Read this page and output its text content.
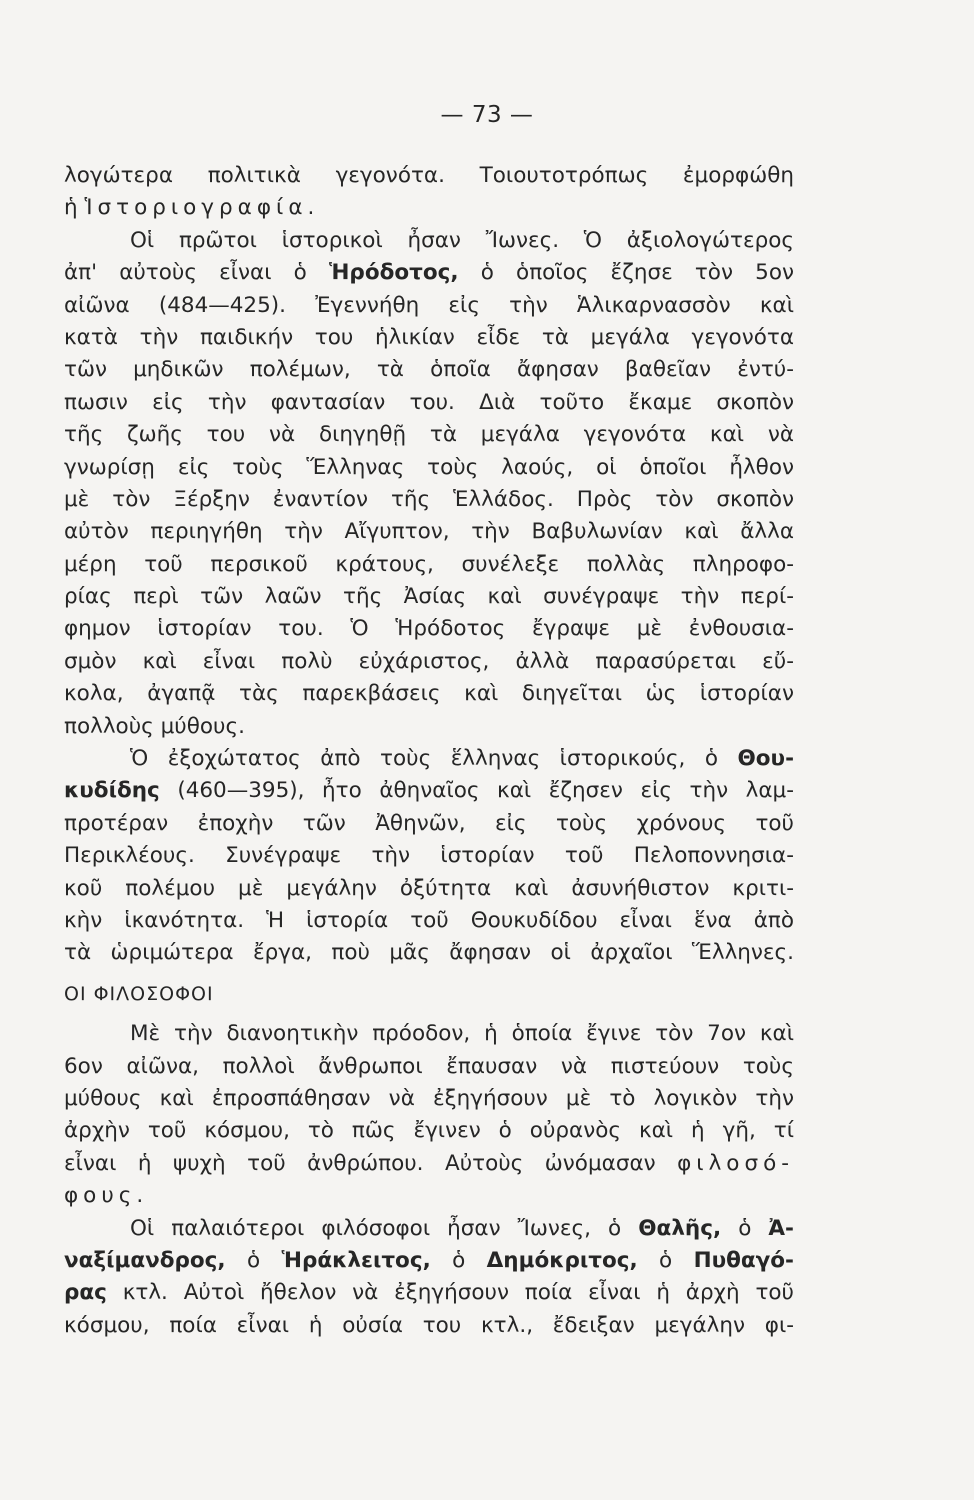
— 73 —
λογώτερα πολιτικὰ γεγονότα. Τοιουτοτρόπως ἐμορφώθη
ἡ Ἱστοριογραφία.
Οἱ πρῶτοι ἱστορικοὶ ἦσαν Ἴωνες. Ὁ ἀξιολογώτερος
ἀπ' αὐτοὺς εἶναι ὁ Ἡρόδοτος, ὁ ὁποῖος ἔζησε τὸν 5ον
αἰῶνα (484—425). Ἐγεννήθη εἰς τὴν Ἁλικαρνασσὸν καὶ
κατὰ τὴν παιδικήν του ἡλικίαν εἶδε τὰ μεγάλα γεγονότα
τῶν μηδικῶν πολέμων, τὰ ὁποῖα ἄφησαν βαθεῖαν ἐντύ-
πωσιν εἰς τὴν φαντασίαν του. Διὰ τοῦτο ἔκαμε σκοπὸν
τῆς ζωῆς του νὰ διηγηθῇ τὰ μεγάλα γεγονότα καὶ νὰ
γνωρίσῃ εἰς τοὺς Ἕλληνας τοὺς λαούς, οἱ ὁποῖοι ἦλθον
μὲ τὸν Ξέρξην ἐναντίον τῆς Ἑλλάδος. Πρὸς τὸν σκοπὸν
αὐτὸν περιηγήθη τὴν Αἴγυπτον, τὴν Βαβυλωνίαν καὶ ἄλλα
μέρη τοῦ περσικοῦ κράτους, συνέλεξε πολλὰς πληροφο-
ρίας περὶ τῶν λαῶν τῆς Ἀσίας καὶ συνέγραψε τὴν περί-
φημον ἱστορίαν του. Ὁ Ἡρόδοτος ἔγραψε μὲ ἐνθουσια-
σμὸν καὶ εἶναι πολὺ εὐχάριστος, ἀλλὰ παρασύρεται εὔ-
κολα, ἀγαπᾷ τὰς παρεκβάσεις καὶ διηγεῖται ὡς ἱστορίαν
πολλοὺς μύθους.
Ὁ ἐξοχώτατος ἀπὸ τοὺς ἕλληνας ἱστορικούς, ὁ Θου-
κυδίδης (460—395), ἦτο ἀθηναῖος καὶ ἔζησεν εἰς τὴν λαμ-
προτέραν ἐποχὴν τῶν Ἀθηνῶν, εἰς τοὺς χρόνους τοῦ
Περικλέους. Συνέγραψε τὴν ἱστορίαν τοῦ Πελοποννησια-
κοῦ πολέμου μὲ μεγάλην ὀξύτητα καὶ ἀσυνήθιστον κριτι-
κὴν ἱκανότητα. Ἡ ἱστορία τοῦ Θουκυδίδου εἶναι ἕνα ἀπὸ
τὰ ὡριμώτερα ἔργα, ποὺ μᾶς ἄφησαν οἱ ἀρχαῖοι Ἕλληνες.
ΟΙ ΦΙΛΟΣΟΦΟΙ
Μὲ τὴν διανοητικὴν πρόοδον, ἡ ὁποία ἔγινε τὸν 7ον καὶ
6ον αἰῶνα, πολλοὶ ἄνθρωποι ἔπαυσαν νὰ πιστεύουν τοὺς
μύθους καὶ ἐπροσπάθησαν νὰ ἐξηγήσουν μὲ τὸ λογικὸν τὴν
ἀρχὴν τοῦ κόσμου, τὸ πῶς ἔγινεν ὁ οὐρανὸς καὶ ἡ γῆ, τί
εἶναι ἡ ψυχὴ τοῦ ἀνθρώπου. Αὐτοὺς ὠνόμασαν φιλοσό-
φους.
Οἱ παλαιότεροι φιλόσοφοι ἦσαν Ἴωνες, ὁ Θαλῆς, ὁ Ἀ-
ναξίμανδρος, ὁ Ἡράκλειτος, ὁ Δημόκριτος, ὁ Πυθαγό-
ρας κτλ. Αὐτοὶ ἤθελον νὰ ἐξηγήσουν ποία εἶναι ἡ ἀρχὴ τοῦ
κόσμου, ποία εἶναι ἡ οὐσία του κτλ., ἔδειξαν μεγάλην φι-
